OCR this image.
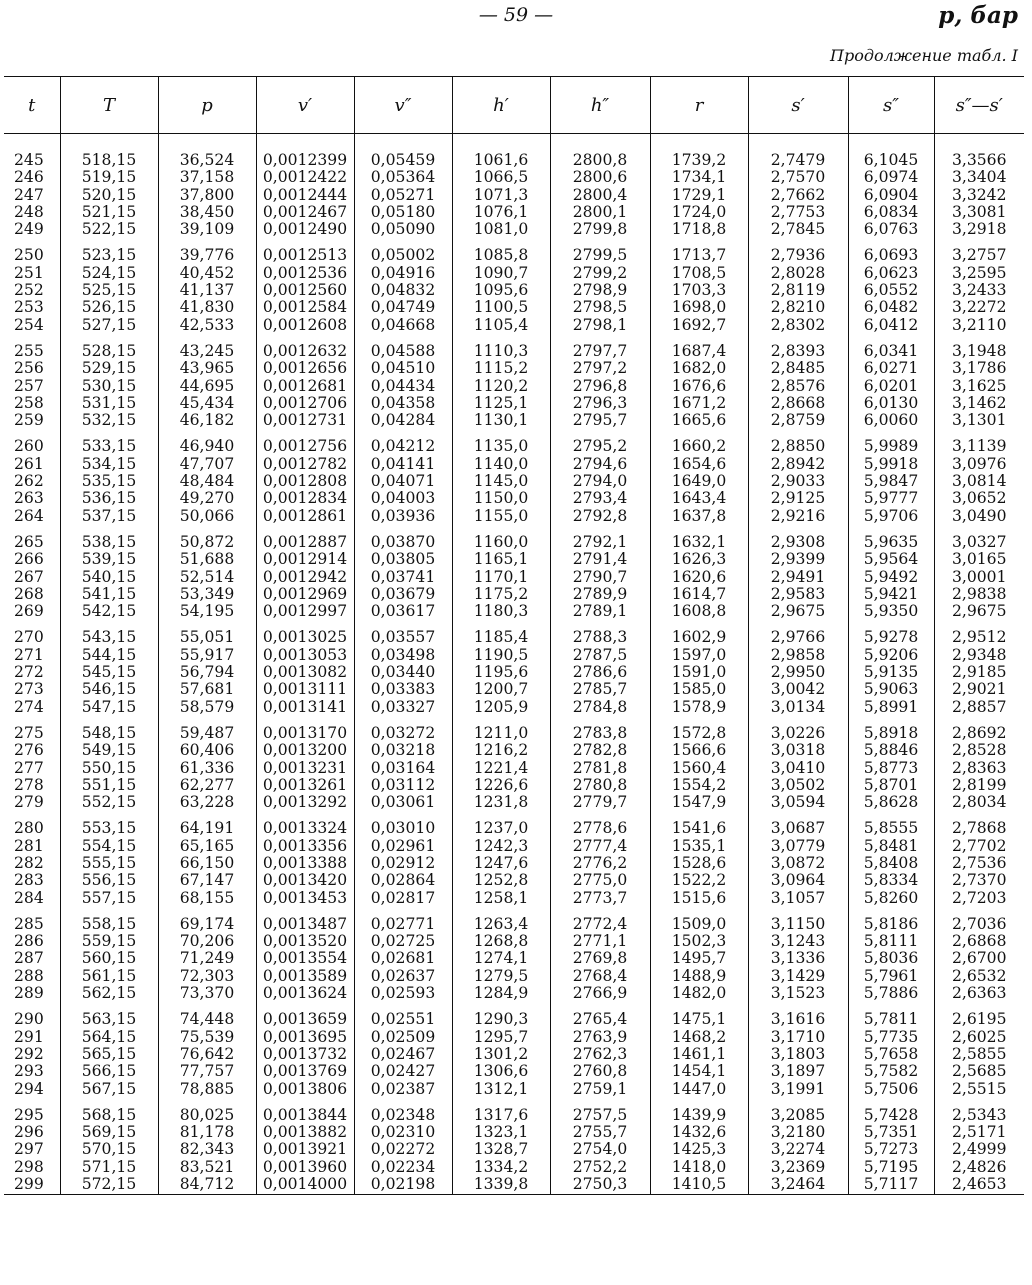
— 59 —	p, бар
Продолжение табл. I
t	T	p	v′	v″	h′	h″	r	s′	s″	s″—s′
245	518,15	36,524	0,0012399	0,05459	1061,6	2800,8	1739,2	2,7479	6,1045	3,3566
246	519,15	37,158	0,0012422	0,05364	1066,5	2800,6	1734,1	2,7570	6,0974	3,3404
247	520,15	37,800	0,0012444	0,05271	1071,3	2800,4	1729,1	2,7662	6,0904	3,3242
248	521,15	38,450	0,0012467	0,05180	1076,1	2800,1	1724,0	2,7753	6,0834	3,3081
249	522,15	39,109	0,0012490	0,05090	1081,0	2799,8	1718,8	2,7845	6,0763	3,2918
250	523,15	39,776	0,0012513	0,05002	1085,8	2799,5	1713,7	2,7936	6,0693	3,2757
251	524,15	40,452	0,0012536	0,04916	1090,7	2799,2	1708,5	2,8028	6,0623	3,2595
252	525,15	41,137	0,0012560	0,04832	1095,6	2798,9	1703,3	2,8119	6,0552	3,2433
253	526,15	41,830	0,0012584	0,04749	1100,5	2798,5	1698,0	2,8210	6,0482	3,2272
254	527,15	42,533	0,0012608	0,04668	1105,4	2798,1	1692,7	2,8302	6,0412	3,2110
255	528,15	43,245	0,0012632	0,04588	1110,3	2797,7	1687,4	2,8393	6,0341	3,1948
256	529,15	43,965	0,0012656	0,04510	1115,2	2797,2	1682,0	2,8485	6,0271	3,1786
257	530,15	44,695	0,0012681	0,04434	1120,2	2796,8	1676,6	2,8576	6,0201	3,1625
258	531,15	45,434	0,0012706	0,04358	1125,1	2796,3	1671,2	2,8668	6,0130	3,1462
259	532,15	46,182	0,0012731	0,04284	1130,1	2795,7	1665,6	2,8759	6,0060	3,1301
260	533,15	46,940	0,0012756	0,04212	1135,0	2795,2	1660,2	2,8850	5,9989	3,1139
261	534,15	47,707	0,0012782	0,04141	1140,0	2794,6	1654,6	2,8942	5,9918	3,0976
262	535,15	48,484	0,0012808	0,04071	1145,0	2794,0	1649,0	2,9033	5,9847	3,0814
263	536,15	49,270	0,0012834	0,04003	1150,0	2793,4	1643,4	2,9125	5,9777	3,0652
264	537,15	50,066	0,0012861	0,03936	1155,0	2792,8	1637,8	2,9216	5,9706	3,0490
265	538,15	50,872	0,0012887	0,03870	1160,0	2792,1	1632,1	2,9308	5,9635	3,0327
266	539,15	51,688	0,0012914	0,03805	1165,1	2791,4	1626,3	2,9399	5,9564	3,0165
267	540,15	52,514	0,0012942	0,03741	1170,1	2790,7	1620,6	2,9491	5,9492	3,0001
268	541,15	53,349	0,0012969	0,03679	1175,2	2789,9	1614,7	2,9583	5,9421	2,9838
269	542,15	54,195	0,0012997	0,03617	1180,3	2789,1	1608,8	2,9675	5,9350	2,9675
270	543,15	55,051	0,0013025	0,03557	1185,4	2788,3	1602,9	2,9766	5,9278	2,9512
271	544,15	55,917	0,0013053	0,03498	1190,5	2787,5	1597,0	2,9858	5,9206	2,9348
272	545,15	56,794	0,0013082	0,03440	1195,6	2786,6	1591,0	2,9950	5,9135	2,9185
273	546,15	57,681	0,0013111	0,03383	1200,7	2785,7	1585,0	3,0042	5,9063	2,9021
274	547,15	58,579	0,0013141	0,03327	1205,9	2784,8	1578,9	3,0134	5,8991	2,8857
275	548,15	59,487	0,0013170	0,03272	1211,0	2783,8	1572,8	3,0226	5,8918	2,8692
276	549,15	60,406	0,0013200	0,03218	1216,2	2782,8	1566,6	3,0318	5,8846	2,8528
277	550,15	61,336	0,0013231	0,03164	1221,4	2781,8	1560,4	3,0410	5,8773	2,8363
278	551,15	62,277	0,0013261	0,03112	1226,6	2780,8	1554,2	3,0502	5,8701	2,8199
279	552,15	63,228	0,0013292	0,03061	1231,8	2779,7	1547,9	3,0594	5,8628	2,8034
280	553,15	64,191	0,0013324	0,03010	1237,0	2778,6	1541,6	3,0687	5,8555	2,7868
281	554,15	65,165	0,0013356	0,02961	1242,3	2777,4	1535,1	3,0779	5,8481	2,7702
282	555,15	66,150	0,0013388	0,02912	1247,6	2776,2	1528,6	3,0872	5,8408	2,7536
283	556,15	67,147	0,0013420	0,02864	1252,8	2775,0	1522,2	3,0964	5,8334	2,7370
284	557,15	68,155	0,0013453	0,02817	1258,1	2773,7	1515,6	3,1057	5,8260	2,7203
285	558,15	69,174	0,0013487	0,02771	1263,4	2772,4	1509,0	3,1150	5,8186	2,7036
286	559,15	70,206	0,0013520	0,02725	1268,8	2771,1	1502,3	3,1243	5,8111	2,6868
287	560,15	71,249	0,0013554	0,02681	1274,1	2769,8	1495,7	3,1336	5,8036	2,6700
288	561,15	72,303	0,0013589	0,02637	1279,5	2768,4	1488,9	3,1429	5,7961	2,6532
289	562,15	73,370	0,0013624	0,02593	1284,9	2766,9	1482,0	3,1523	5,7886	2,6363
290	563,15	74,448	0,0013659	0,02551	1290,3	2765,4	1475,1	3,1616	5,7811	2,6195
291	564,15	75,539	0,0013695	0,02509	1295,7	2763,9	1468,2	3,1710	5,7735	2,6025
292	565,15	76,642	0,0013732	0,02467	1301,2	2762,3	1461,1	3,1803	5,7658	2,5855
293	566,15	77,757	0,0013769	0,02427	1306,6	2760,8	1454,1	3,1897	5,7582	2,5685
294	567,15	78,885	0,0013806	0,02387	1312,1	2759,1	1447,0	3,1991	5,7506	2,5515
295	568,15	80,025	0,0013844	0,02348	1317,6	2757,5	1439,9	3,2085	5,7428	2,5343
296	569,15	81,178	0,0013882	0,02310	1323,1	2755,7	1432,6	3,2180	5,7351	2,5171
297	570,15	82,343	0,0013921	0,02272	1328,7	2754,0	1425,3	3,2274	5,7273	2,4999
298	571,15	83,521	0,0013960	0,02234	1334,2	2752,2	1418,0	3,2369	5,7195	2,4826
299	572,15	84,712	0,0014000	0,02198	1339,8	2750,3	1410,5	3,2464	5,7117	2,4653
